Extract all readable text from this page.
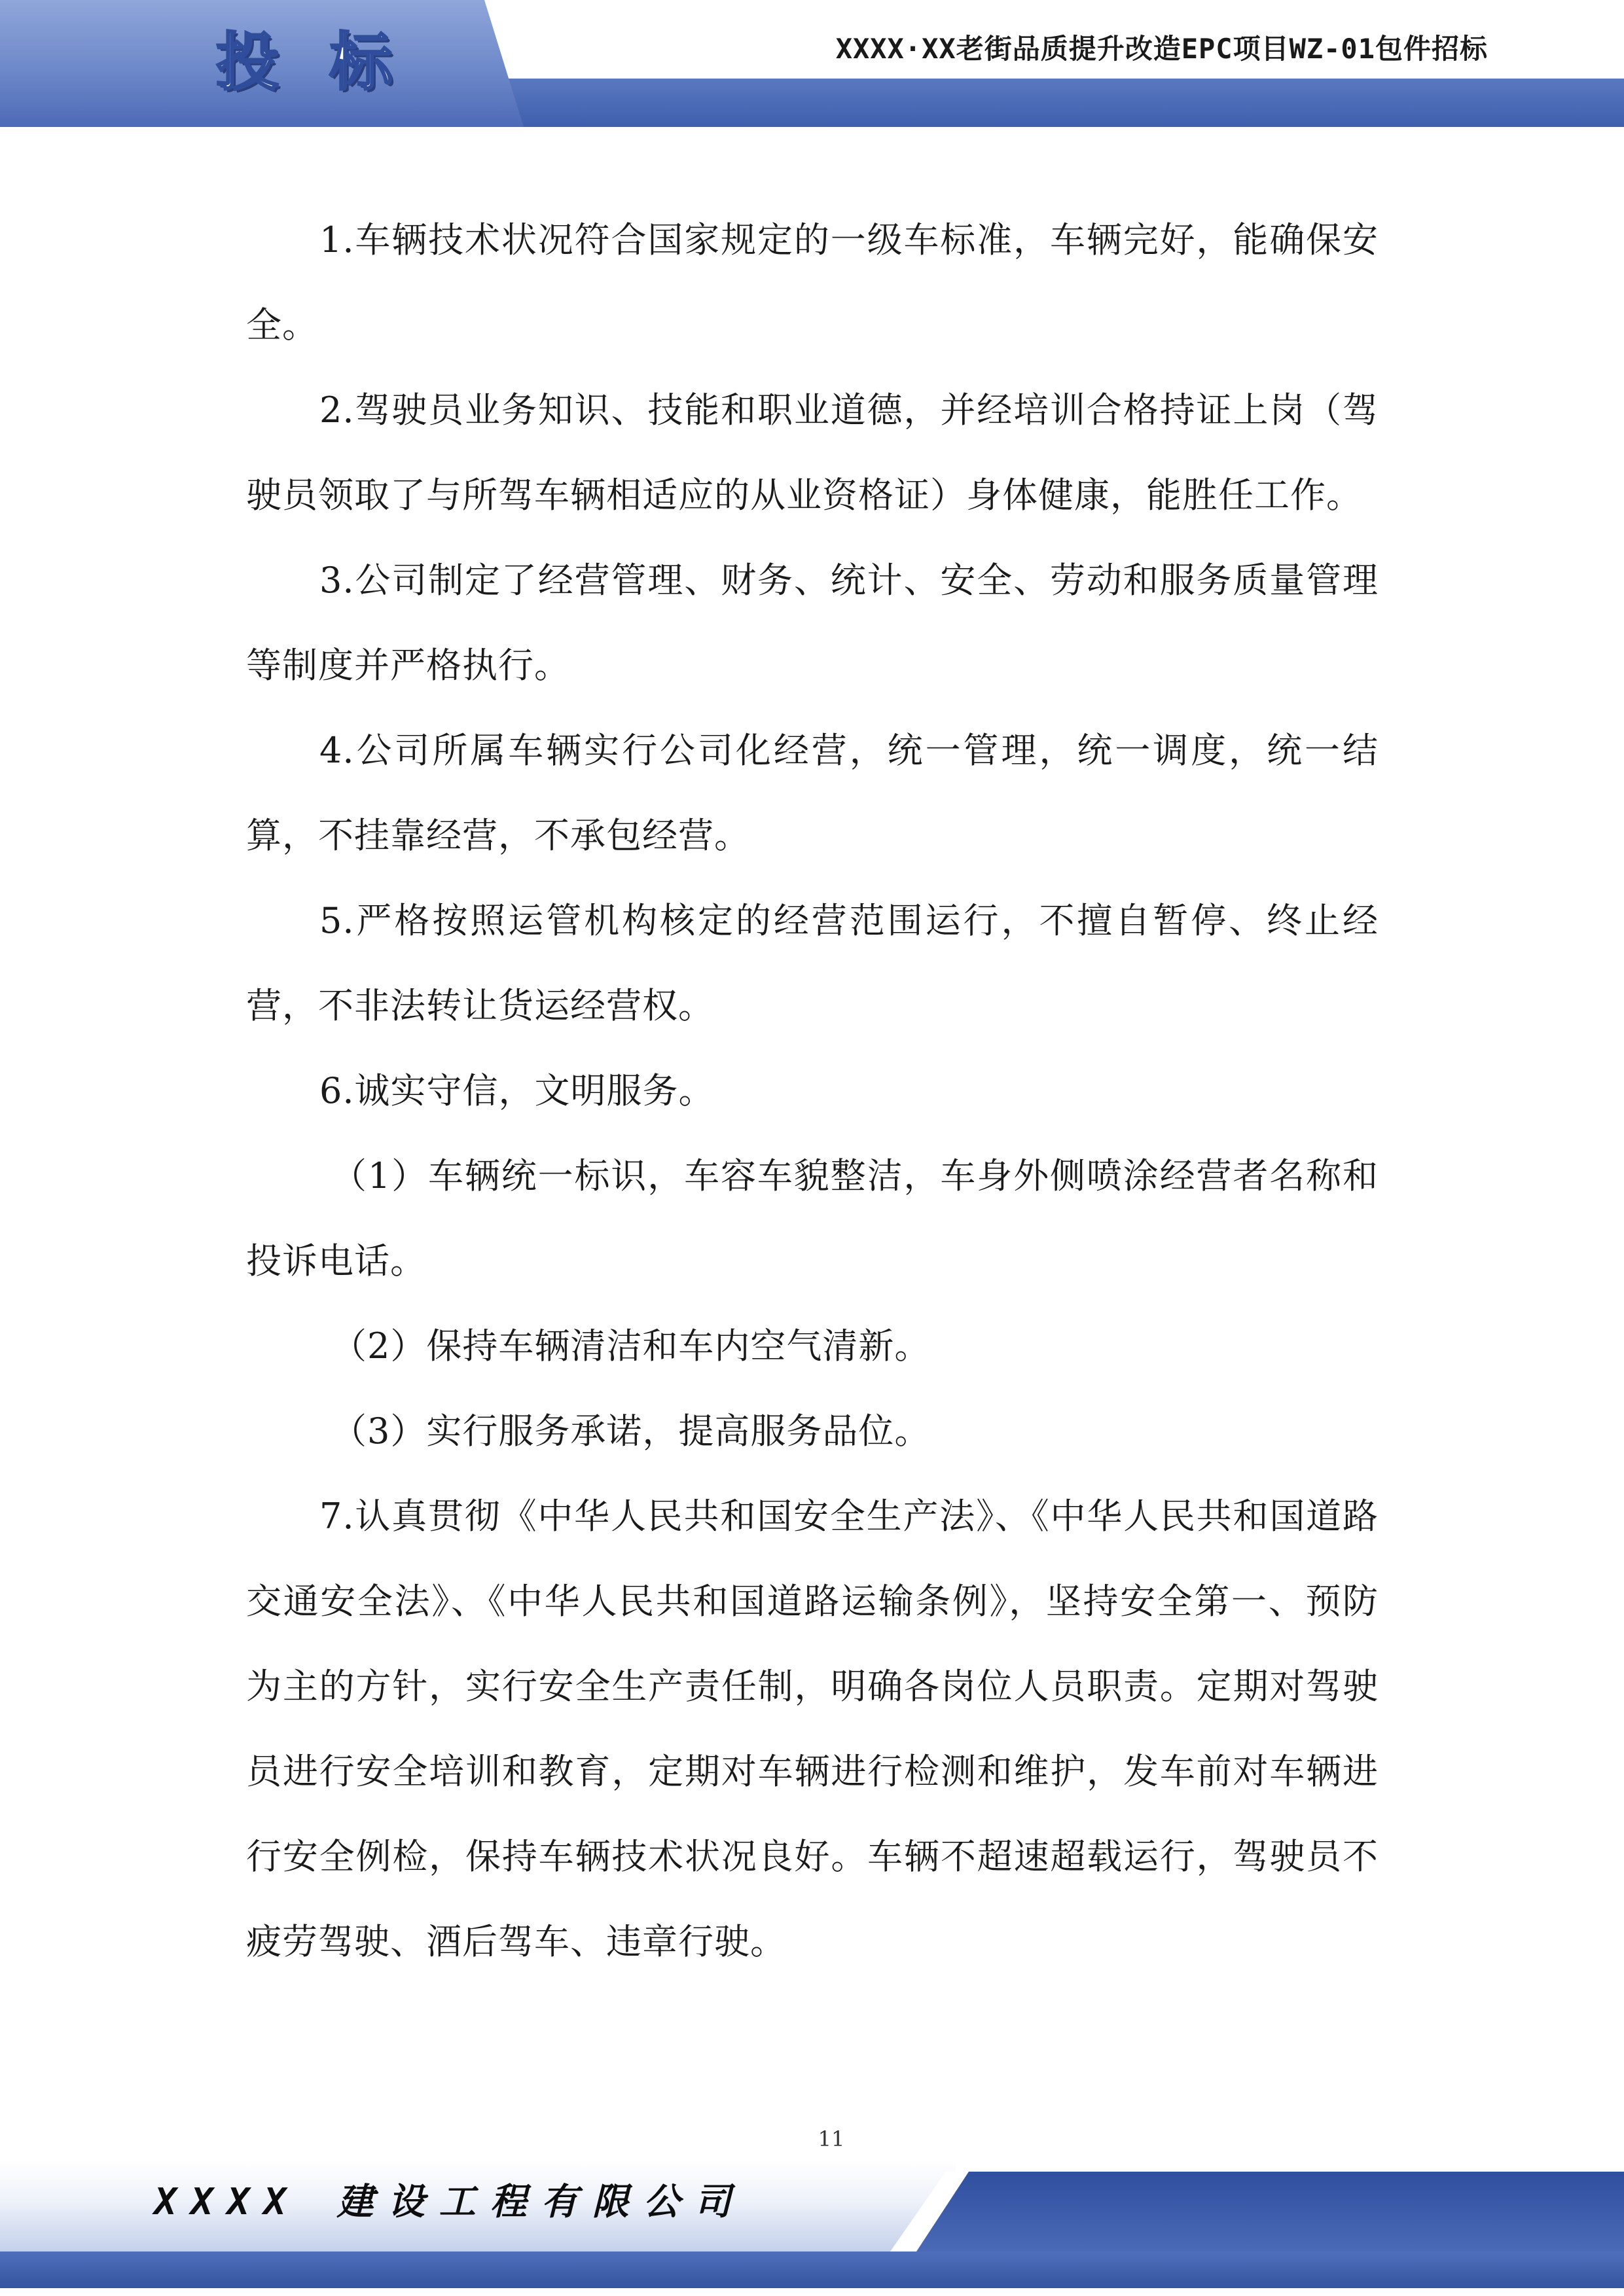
投 标	XXXX·XX老街品质提升改造EPC项目WZ-01包件招标

1.车辆技术状况符合国家规定的一级车标准，车辆完好，能确保安全。

2.驾驶员业务知识、技能和职业道德，并经培训合格持证上岗（驾驶员领取了与所驾车辆相适应的从业资格证）身体健康，能胜任工作。

3.公司制定了经营管理、财务、统计、安全、劳动和服务质量管理等制度并严格执行。

4.公司所属车辆实行公司化经营，统一管理，统一调度，统一结算，不挂靠经营，不承包经营。

5.严格按照运管机构核定的经营范围运行，不擅自暂停、终止经营，不非法转让货运经营权。

6.诚实守信，文明服务。

（1）车辆统一标识，车容车貌整洁，车身外侧喷涂经营者名称和投诉电话。

（2）保持车辆清洁和车内空气清新。

（3）实行服务承诺，提高服务品位。

7.认真贯彻《中华人民共和国安全生产法》、《中华人民共和国道路交通安全法》、《中华人民共和国道路运输条例》，坚持安全第一、预防为主的方针，实行安全生产责任制，明确各岗位人员职责。定期对驾驶员进行安全培训和教育，定期对车辆进行检测和维护，发车前对车辆进行安全例检，保持车辆技术状况良好。车辆不超速超载运行，驾驶员不疲劳驾驶、酒后驾车、违章行驶。

11
XXXX 建设工程有限公司
